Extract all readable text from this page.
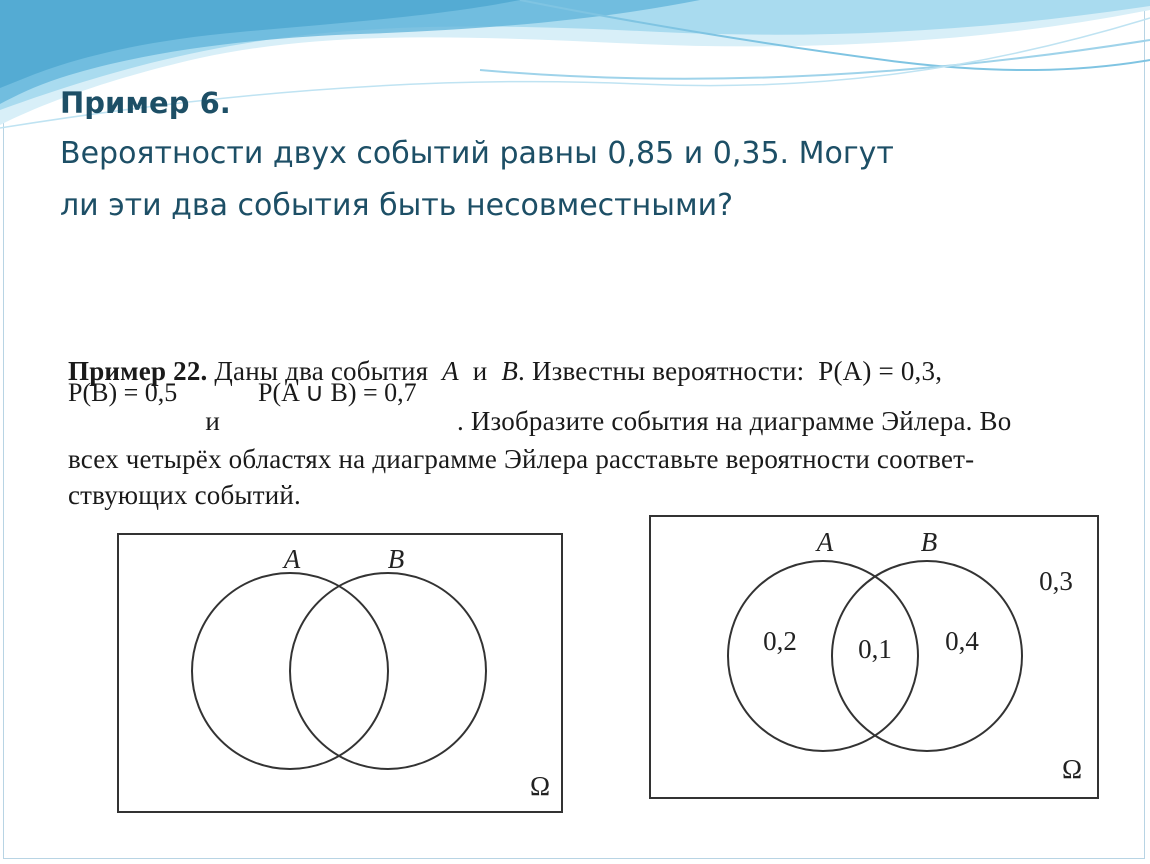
Пример 6.
Вероятности двух событий равны 0,85 и 0,35. Могут
ли эти два события быть несовместными?
Пример 22. Даны два события A и B. Известны вероятности: P(A) = 0,3,
P(B) = 0,5	P(A ∪ B) = 0,7
и	. Изобразите события на диаграмме Эйлера. Во
всех четырёх областях на диаграмме Эйлера расставьте вероятности соответ-
ствующих событий.
A	B
Ω
A	B
0,2 0,1 0,4
0,3
Ω
